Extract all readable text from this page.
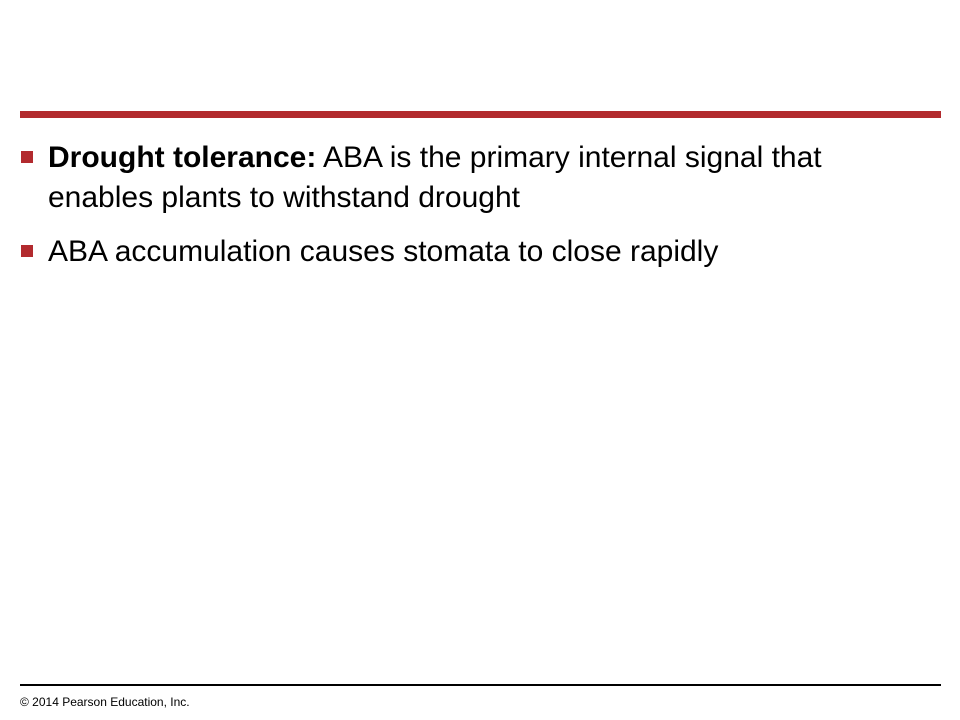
Drought tolerance: ABA is the primary internal signal that enables plants to withstand drought
ABA accumulation causes stomata to close rapidly
© 2014 Pearson Education, Inc.
